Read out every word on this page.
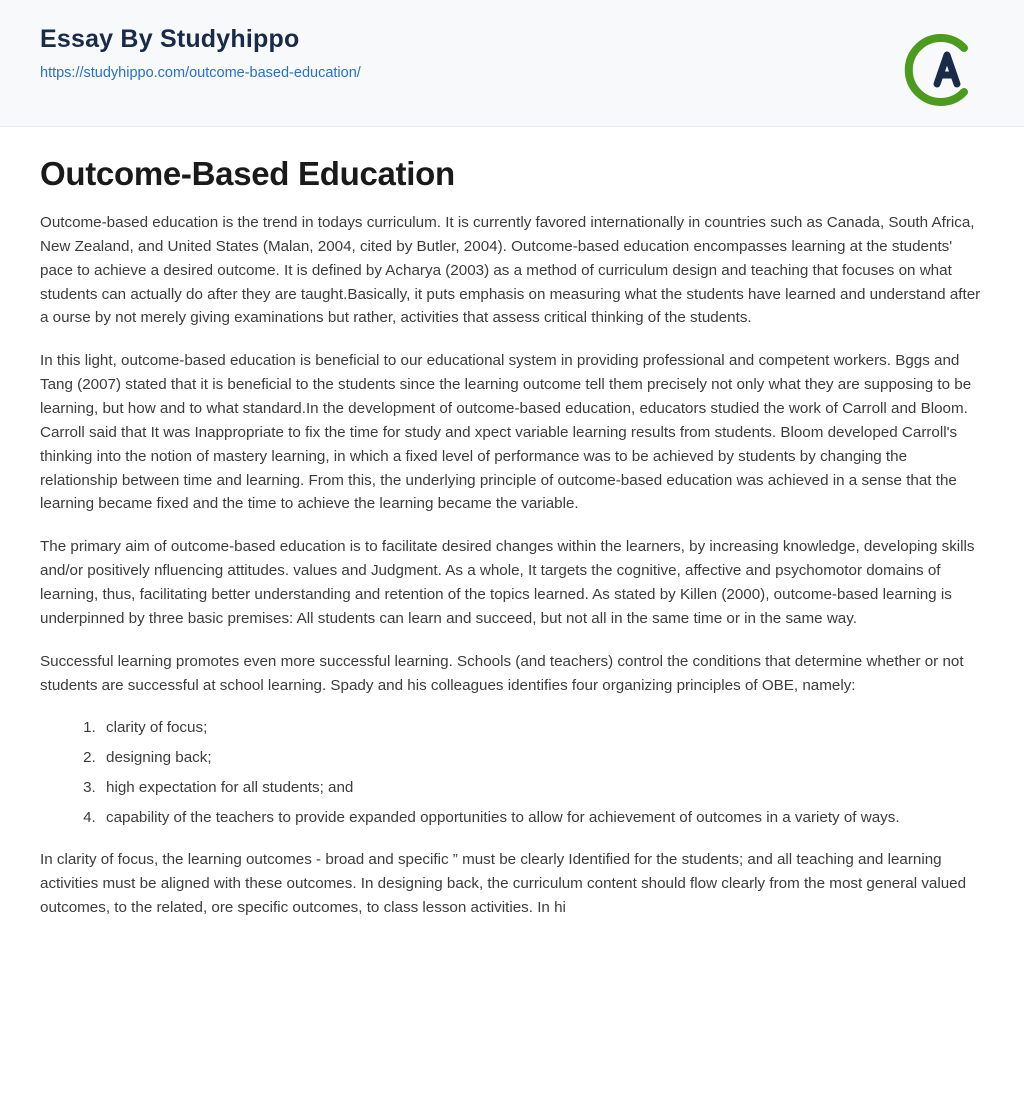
Essay By Studyhippo
https://studyhippo.com/outcome-based-education/
Outcome-Based Education

Outcome-based education is the trend in todays curriculum. It is currently favored internationally in countries such as Canada, South Africa, New Zealand, and United States (Malan, 2004, cited by Butler, 2004). Outcome-based education encompasses learning at the students' pace to achieve a desired outcome. It is defined by Acharya (2003) as a method of curriculum design and teaching that focuses on what students can actually do after they are taught.Basically, it puts emphasis on measuring what the students have learned and understand after a ourse by not merely giving examinations but rather, activities that assess critical thinking of the students.

In this light, outcome-based education is beneficial to our educational system in providing professional and competent workers. Bggs and Tang (2007) stated that it is beneficial to the students since the learning outcome tell them precisely not only what they are supposing to be learning, but how and to what standard.In the development of outcome-based education, educators studied the work of Carroll and Bloom. Carroll said that It was Inappropriate to fix the time for study and xpect variable learning results from students. Bloom developed Carroll's thinking into the notion of mastery learning, in which a fixed level of performance was to be achieved by students by changing the relationship between time and learning. From this, the underlying principle of outcome-based education was achieved in a sense that the learning became fixed and the time to achieve the learning became the variable.

The primary aim of outcome-based education is to facilitate desired changes within the learners, by increasing knowledge, developing skills and/or positively nfluencing attitudes. values and Judgment. As a whole, It targets the cognitive, affective and psychomotor domains of learning, thus, facilitating better understanding and retention of the topics learned. As stated by Killen (2000), outcome-based learning is underpinned by three basic premises: All students can learn and succeed, but not all in the same time or in the same way.

Successful learning promotes even more successful learning. Schools (and teachers) control the conditions that determine whether or not students are successful at school learning. Spady and his colleagues identifies four organizing principles of OBE, namely:

1. clarity of focus;
2. designing back;
3. high expectation for all students; and
4. capability of the teachers to provide expanded opportunities to allow for achievement of outcomes in a variety of ways.

In clarity of focus, the learning outcomes - broad and specific ” must be clearly Identified for the students; and all teaching and learning activities must be aligned with these outcomes. In designing back, the curriculum content should flow clearly from the most general valued outcomes, to the related, ore specific outcomes, to class lesson activities. In hi
